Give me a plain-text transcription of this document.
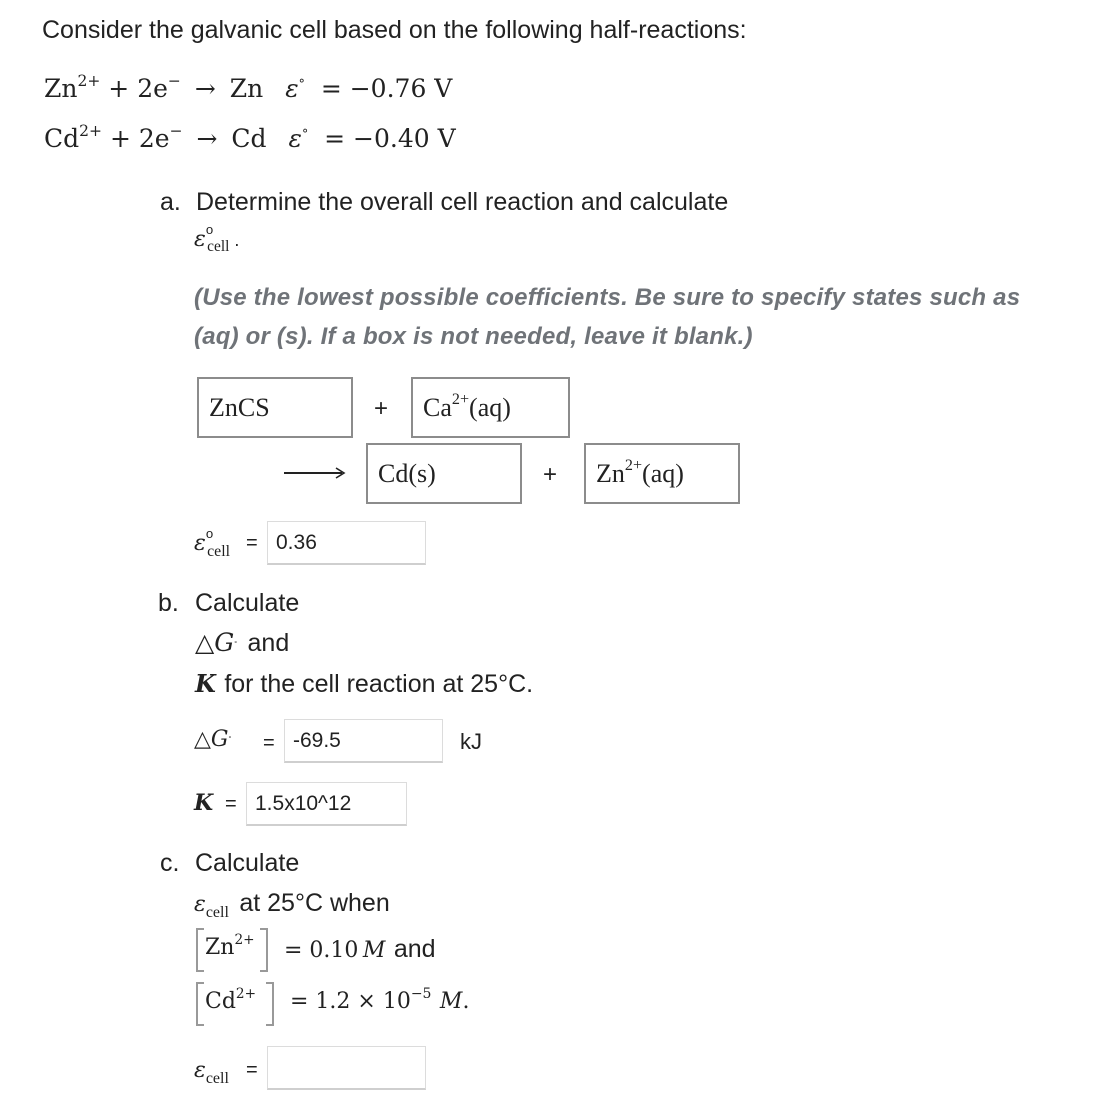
Consider the galvanic cell based on the following half-reactions:
$Zn^{2+} + 2e^- \to Zn$ ε° = −0.76 V
$Cd^{2+} + 2e^- \to Cd$ ε° = −0.40 V
a. Determine the overall cell reaction and calculate
$\varepsilon^o_{cell}$ .
(Use the lowest possible coefficients. Be sure to specify states such as
(aq) or (s). If a box is not needed, leave it blank.)
ZnCS	+ $Ca^{2+}(aq)$
Cd(s)	+ $Zn^{2+}(aq)$
$\varepsilon^o_{cell} = 0.36$
b. Calculate
△G° and
K for the cell reaction at 25°C.
△G° = -69.5	kJ
K = 1.5x10^12
c. Calculate
$\varepsilon_{cell}$ at 25°C when
$Zn^{2+} = 0.10$ M and
$Cd^{2+} = 1.2 \times 10^{-5}$ M.
$\varepsilon_{cell}$ =
